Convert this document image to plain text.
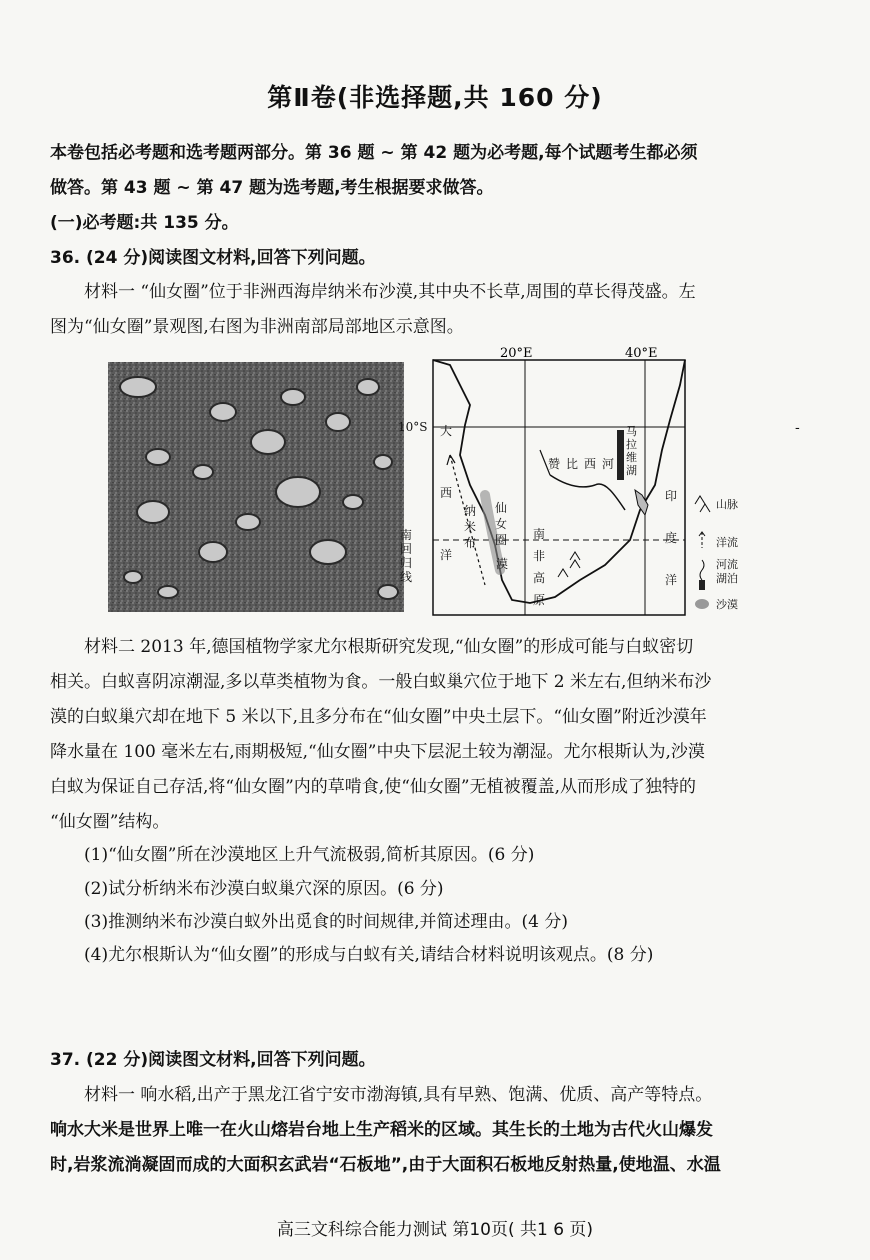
第Ⅱ卷(非选择题,共 160 分)
本卷包括必考题和选考题两部分。第 36 题 ~ 第 42 题为必考题,每个试题考生都必须
做答。第 43 题 ~ 第 47 题为选考题,考生根据要求做答。
(一)必考题:共 135 分。
36. (24 分)阅读图文材料,回答下列问题。
材料一 “仙女圈”位于非洲西海岸纳米布沙漠,其中央不长草,周围的草长得茂盛。左
图为“仙女圈”景观图,右图为非洲南部局部地区示意图。
20°E	40°E
10°S
南回归线
大西洋
印度洋
纳米布
仙女圈
漠
南非高原
赞比西河
马拉维湖
山脉
洋流
河流湖泊
沙漠
-
材料二 2013 年,德国植物学家尤尔根斯研究发现,“仙女圈”的形成可能与白蚁密切
相关。白蚁喜阴凉潮湿,多以草类植物为食。一般白蚁巢穴位于地下 2 米左右,但纳米布沙
漠的白蚁巢穴却在地下 5 米以下,且多分布在“仙女圈”中央土层下。“仙女圈”附近沙漠年
降水量在 100 毫米左右,雨期极短,“仙女圈”中央下层泥土较为潮湿。尤尔根斯认为,沙漠
白蚁为保证自己存活,将“仙女圈”内的草啃食,使“仙女圈”无植被覆盖,从而形成了独特的
“仙女圈”结构。
(1)“仙女圈”所在沙漠地区上升气流极弱,简析其原因。(6 分)
(2)试分析纳米布沙漠白蚁巢穴深的原因。(6 分)
(3)推测纳米布沙漠白蚁外出觅食的时间规律,并简述理由。(4 分)
(4)尤尔根斯认为“仙女圈”的形成与白蚁有关,请结合材料说明该观点。(8 分)
37. (22 分)阅读图文材料,回答下列问题。
材料一 响水稻,出产于黑龙江省宁安市渤海镇,具有早熟、饱满、优质、高产等特点。
响水大米是世界上唯一在火山熔岩台地上生产稻米的区域。其生长的土地为古代火山爆发
时,岩浆流淌凝固而成的大面积玄武岩“石板地”,由于大面积石板地反射热量,使地温、水温
高三文科综合能力测试 第10页( 共1 6 页)
